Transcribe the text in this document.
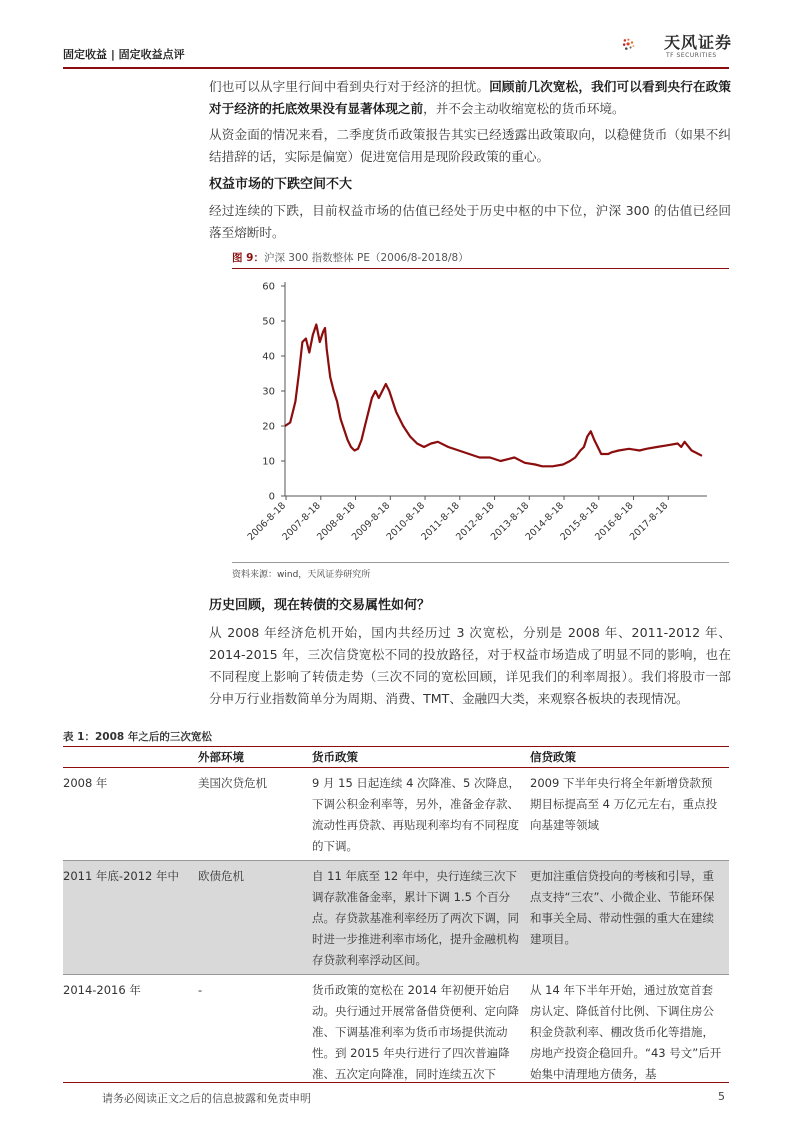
固定收益 | 固定收益点评
天风证券
TF SECURITIES
们也可以从字里行间中看到央行对于经济的担忧。回顾前几次宽松，我们可以看到央行在政策对于经济的托底效果没有显著体现之前，并不会主动收缩宽松的货币环境。
从资金面的情况来看，二季度货币政策报告其实已经透露出政策取向，以稳健货币（如果不纠结措辞的话，实际是偏宽）促进宽信用是现阶段政策的重心。
权益市场的下跌空间不大
经过连续的下跌，目前权益市场的估值已经处于历史中枢的中下位，沪深 300 的估值已经回落至熔断时。
图 9：沪深 300 指数整体 PE（2006/8-2018/8）
0
10
20
30
40
50
60
2006-8-18
2007-8-18
2008-8-18
2009-8-18
2010-8-18
2011-8-18
2012-8-18
2013-8-18
2014-8-18
2015-8-18
2016-8-18
2017-8-18
资料来源：wind，天风证券研究所
历史回顾，现在转债的交易属性如何？
从 2008 年经济危机开始，国内共经历过 3 次宽松，分别是 2008 年、2011-2012 年、2014-2015 年，三次信贷宽松不同的投放路径，对于权益市场造成了明显不同的影响，也在不同程度上影响了转债走势（三次不同的宽松回顾，详见我们的利率周报）。我们将股市一部分申万行业指数简单分为周期、消费、TMT、金融四大类，来观察各板块的表现情况。
表 1：2008 年之后的三次宽松
	外部环境	货币政策	信贷政策
2008 年	美国次贷危机	9 月 15 日起连续 4 次降准、5 次降息，下调公积金利率等，另外，准备金存款、流动性再贷款、再贴现利率均有不同程度的下调。	2009 下半年央行将全年新增贷款预期目标提高至 4 万亿元左右，重点投向基建等领域
2011 年底-2012 年中	欧债危机	自 11 年底至 12 年中，央行连续三次下调存款准备金率，累计下调 1.5 个百分点。存贷款基准利率经历了两次下调，同时进一步推进利率市场化，提升金融机构存贷款利率浮动区间。	更加注重信贷投向的考核和引导，重点支持“三农”、小微企业、节能环保和事关全局、带动性强的重大在建续建项目。
2014-2016 年	-	货币政策的宽松在 2014 年初便开始启动。央行通过开展常备借贷便利、定向降准、下调基准利率为货币市场提供流动性。到 2015 年央行进行了四次普遍降准、五次定向降准，同时连续五次下	从 14 年下半年开始，通过放宽首套房认定、降低首付比例、下调住房公积金贷款利率、棚改货币化等措施，房地产投资企稳回升。“43 号文”后开始集中清理地方债务，基
请务必阅读正文之后的信息披露和免责申明	5
